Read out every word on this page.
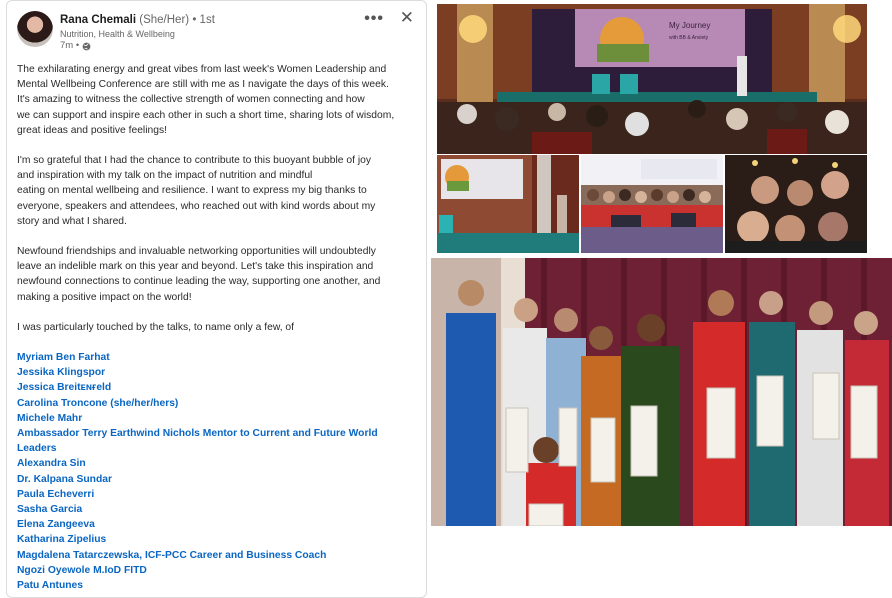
Rana Chemali (She/Her) • 1st
Nutrition, Health & Wellbeing
7m •
••• ✕

The exhilarating energy and great vibes from last week's Women Leadership and
Mental Wellbeing Conference are still with me as I navigate the days of this week.
It's amazing to witness the collective strength of women connecting and how
we can support and inspire each other in such a short time, sharing lots of wisdom,
great ideas and positive feelings!

I'm so grateful that I had the chance to contribute to this buoyant bubble of joy
and inspiration with my talk on the impact of nutrition and mindful
eating on mental wellbeing and resilience. I want to express my big thanks to
everyone, speakers and attendees, who reached out with kind words about my
story and what I shared.

Newfound friendships and invaluable networking opportunities will undoubtedly
leave an indelible mark on this year and beyond. Let's take this inspiration and
newfound connections to continue leading the way, supporting one another, and
making a positive impact on the world!

I was particularly touched by the talks, to name only a few, of

Myriam Ben Farhat
Jessika Klingspor
Jessica Breitᴇɴғeld
Carolina Troncone (she/her/hers)
Michele Mahr
Ambassador Terry Earthwind Nichols Mentor to Current and Future World
Leaders
Alexandra Sin
Dr. Kalpana Sundar
Paula Echeverri
Sasha Garcia
Elena Zangeeva
Katharina Zipelius
Magdalena Tatarczewska, ICF-PCC Career and Business Coach
Ngozi Oyewole M.IoD FITD
Patu Antunes
My Journey
with BB & Anxiety
